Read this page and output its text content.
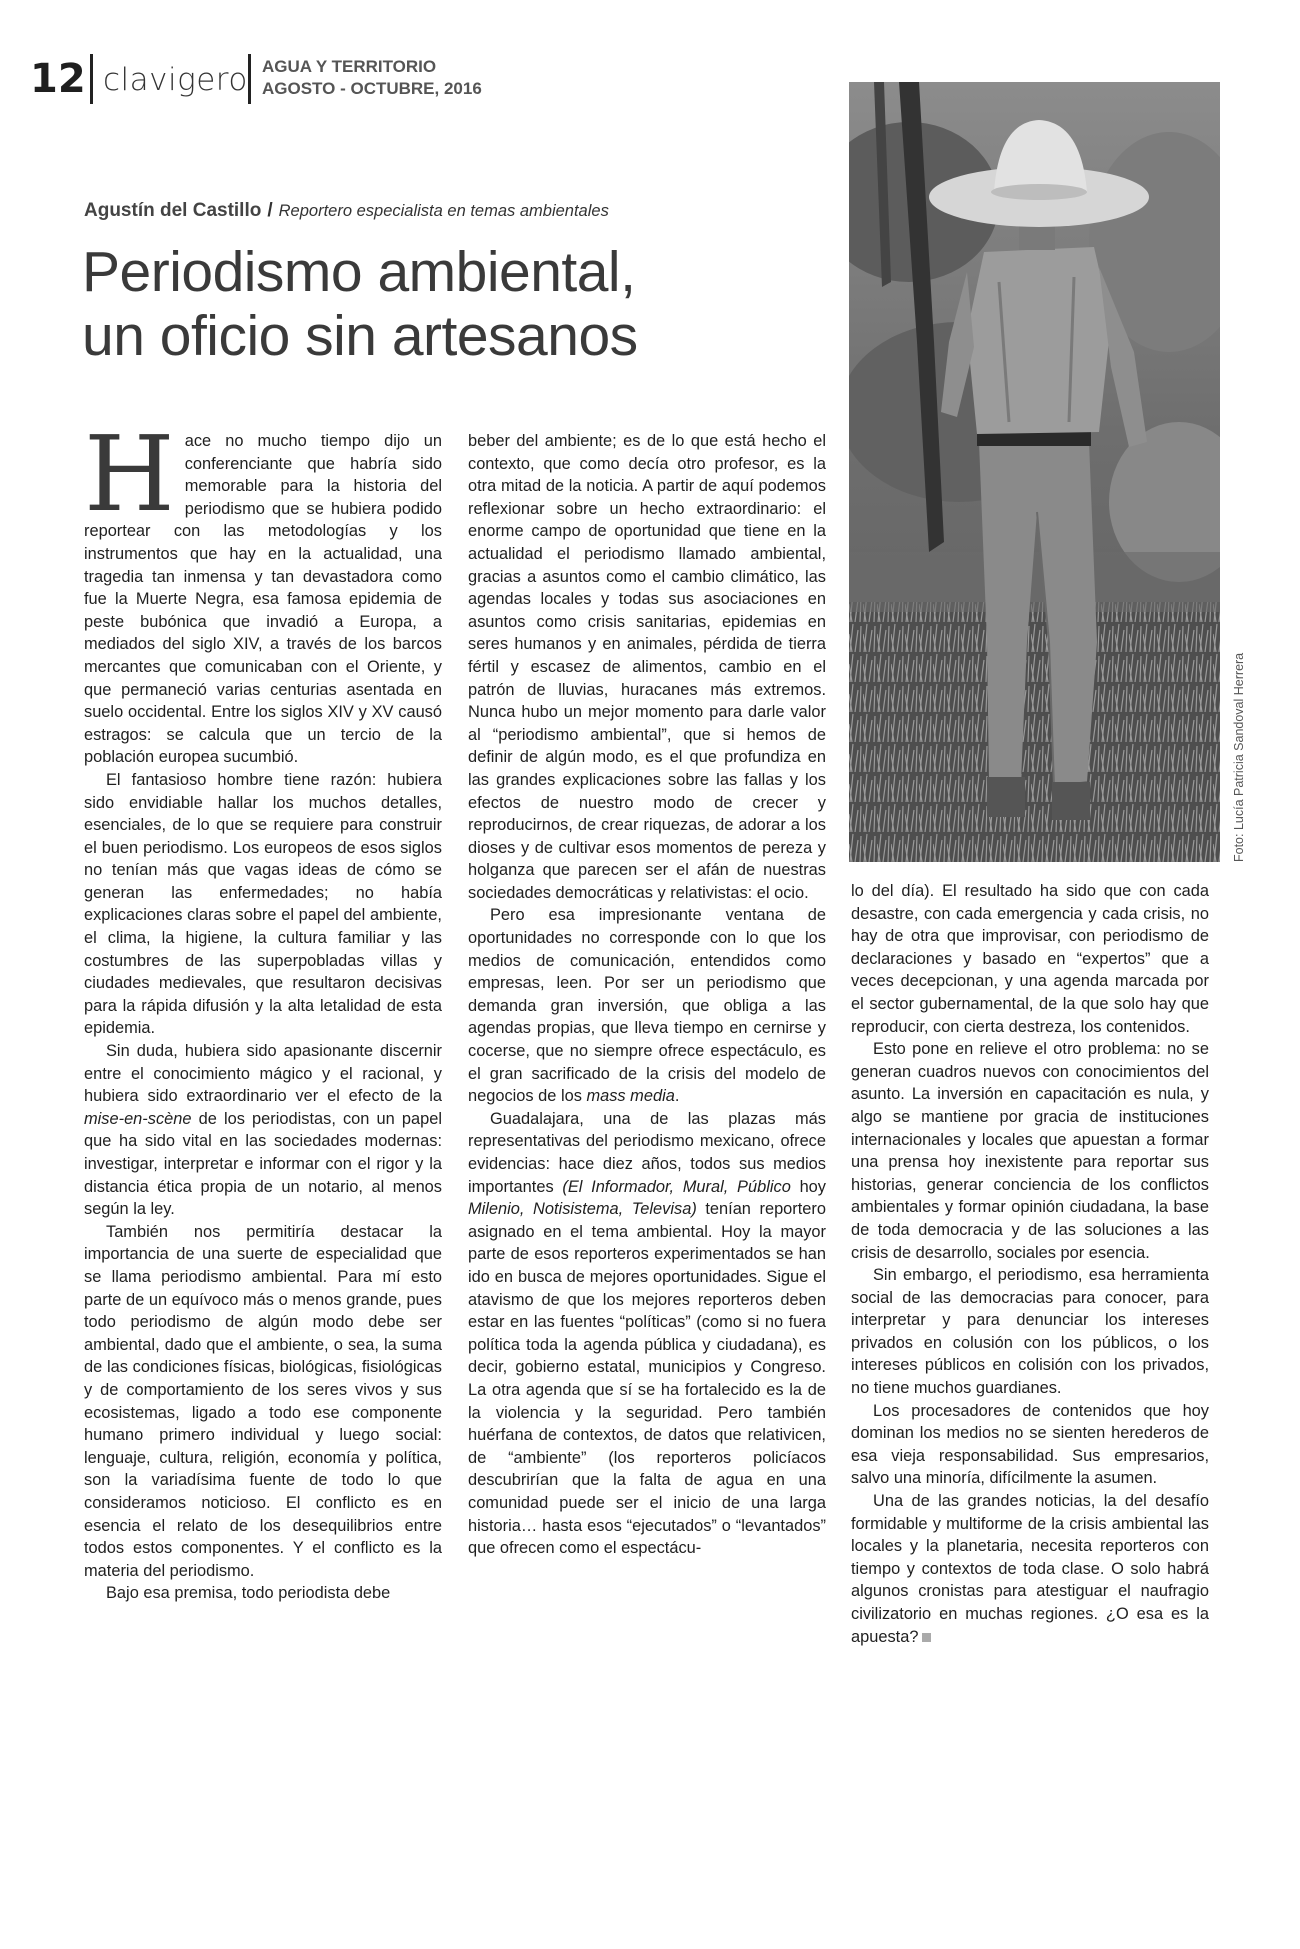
12 clavigero AGUA Y TERRITORIO
AGOSTO - OCTUBRE, 2016
Foto: Lucía Patricia Sandoval Herrera
Agustín del Castillo / Reportero especialista en temas ambientales
Periodismo ambiental,
un oficio sin artesanos

Hace no mucho tiempo dijo un conferenciante que habría sido memorable para la historia del periodismo que se hubiera podido reportear con las metodologías y los instrumentos que hay en la actualidad, una tragedia tan inmensa y tan devastadora como fue la Muerte Negra, esa famosa epidemia de peste bubónica que invadió a Europa, a mediados del siglo XIV, a través de los barcos mercantes que comunicaban con el Oriente, y que permaneció varias centurias asentada en suelo occidental. Entre los siglos XIV y XV causó estragos: se calcula que un tercio de la población europea sucumbió.

El fantasioso hombre tiene razón: hubiera sido envidiable hallar los muchos detalles, esenciales, de lo que se requiere para construir el buen periodismo. Los europeos de esos siglos no tenían más que vagas ideas de cómo se generan las enfermedades; no había explicaciones claras sobre el papel del ambiente, el clima, la higiene, la cultura familiar y las costumbres de las superpobladas villas y ciudades medievales, que resultaron decisivas para la rápida difusión y la alta letalidad de esta epidemia.

Sin duda, hubiera sido apasionante discernir entre el conocimiento mágico y el racional, y hubiera sido extraordinario ver el efecto de la mise-en-scène de los periodistas, con un papel que ha sido vital en las sociedades modernas: investigar, interpretar e informar con el rigor y la distancia ética propia de un notario, al menos según la ley.

También nos permitiría destacar la importancia de una suerte de especialidad que se llama periodismo ambiental. Para mí esto parte de un equívoco más o menos grande, pues todo periodismo de algún modo debe ser ambiental, dado que el ambiente, o sea, la suma de las condiciones físicas, biológicas, fisiológicas y de comportamiento de los seres vivos y sus ecosistemas, ligado a todo ese componente humano primero individual y luego social: lenguaje, cultura, religión, economía y política, son la variadísima fuente de todo lo que consideramos noticioso. El conflicto es en esencia el relato de los desequilibrios entre todos estos componentes. Y el conflicto es la materia del periodismo.

Bajo esa premisa, todo periodista debe

beber del ambiente; es de lo que está hecho el contexto, que como decía otro profesor, es la otra mitad de la noticia. A partir de aquí podemos reflexionar sobre un hecho extraordinario: el enorme campo de oportunidad que tiene en la actualidad el periodismo llamado ambiental, gracias a asuntos como el cambio climático, las agendas locales y todas sus asociaciones en asuntos como crisis sanitarias, epidemias en seres humanos y en animales, pérdida de tierra fértil y escasez de alimentos, cambio en el patrón de lluvias, huracanes más extremos. Nunca hubo un mejor momento para darle valor al “periodismo ambiental”, que si hemos de definir de algún modo, es el que profundiza en las grandes explicaciones sobre las fallas y los efectos de nuestro modo de crecer y reproducirnos, de crear riquezas, de adorar a los dioses y de cultivar esos momentos de pereza y holganza que parecen ser el afán de nuestras sociedades democráticas y relativistas: el ocio.

Pero esa impresionante ventana de oportunidades no corresponde con lo que los medios de comunicación, entendidos como empresas, leen. Por ser un periodismo que demanda gran inversión, que obliga a las agendas propias, que lleva tiempo en cernirse y cocerse, que no siempre ofrece espectáculo, es el gran sacrificado de la crisis del modelo de negocios de los mass media.

Guadalajara, una de las plazas más representativas del periodismo mexicano, ofrece evidencias: hace diez años, todos sus medios importantes (El Informador, Mural, Público hoy Milenio, Notisistema, Televisa) tenían reportero asignado en el tema ambiental. Hoy la mayor parte de esos reporteros experimentados se han ido en busca de mejores oportunidades. Sigue el atavismo de que los mejores reporteros deben estar en las fuentes “políticas” (como si no fuera política toda la agenda pública y ciudadana), es decir, gobierno estatal, municipios y Congreso. La otra agenda que sí se ha fortalecido es la de la violencia y la seguridad. Pero también huérfana de contextos, de datos que relativicen, de “ambiente” (los reporteros policíacos descubrirían que la falta de agua en una comunidad puede ser el inicio de una larga historia… hasta esos “ejecutados” o “levantados” que ofrecen como el espectácu-

lo del día). El resultado ha sido que con cada desastre, con cada emergencia y cada crisis, no hay de otra que improvisar, con periodismo de declaraciones y basado en “expertos” que a veces decepcionan, y una agenda marcada por el sector gubernamental, de la que solo hay que reproducir, con cierta destreza, los contenidos.

Esto pone en relieve el otro problema: no se generan cuadros nuevos con conocimientos del asunto. La inversión en capacitación es nula, y algo se mantiene por gracia de instituciones internacionales y locales que apuestan a formar una prensa hoy inexistente para reportar sus historias, generar conciencia de los conflictos ambientales y formar opinión ciudadana, la base de toda democracia y de las soluciones a las crisis de desarrollo, sociales por esencia.

Sin embargo, el periodismo, esa herramienta social de las democracias para conocer, para interpretar y para denunciar los intereses privados en colusión con los públicos, o los intereses públicos en colisión con los privados, no tiene muchos guardianes.

Los procesadores de contenidos que hoy dominan los medios no se sienten herederos de esa vieja responsabilidad. Sus empresarios, salvo una minoría, difícilmente la asumen.

Una de las grandes noticias, la del desafío formidable y multiforme de la crisis ambiental las locales y la planetaria, necesita reporteros con tiempo y contextos de toda clase. O solo habrá algunos cronistas para atestiguar el naufragio civilizatorio en muchas regiones. ¿O esa es la apuesta?
